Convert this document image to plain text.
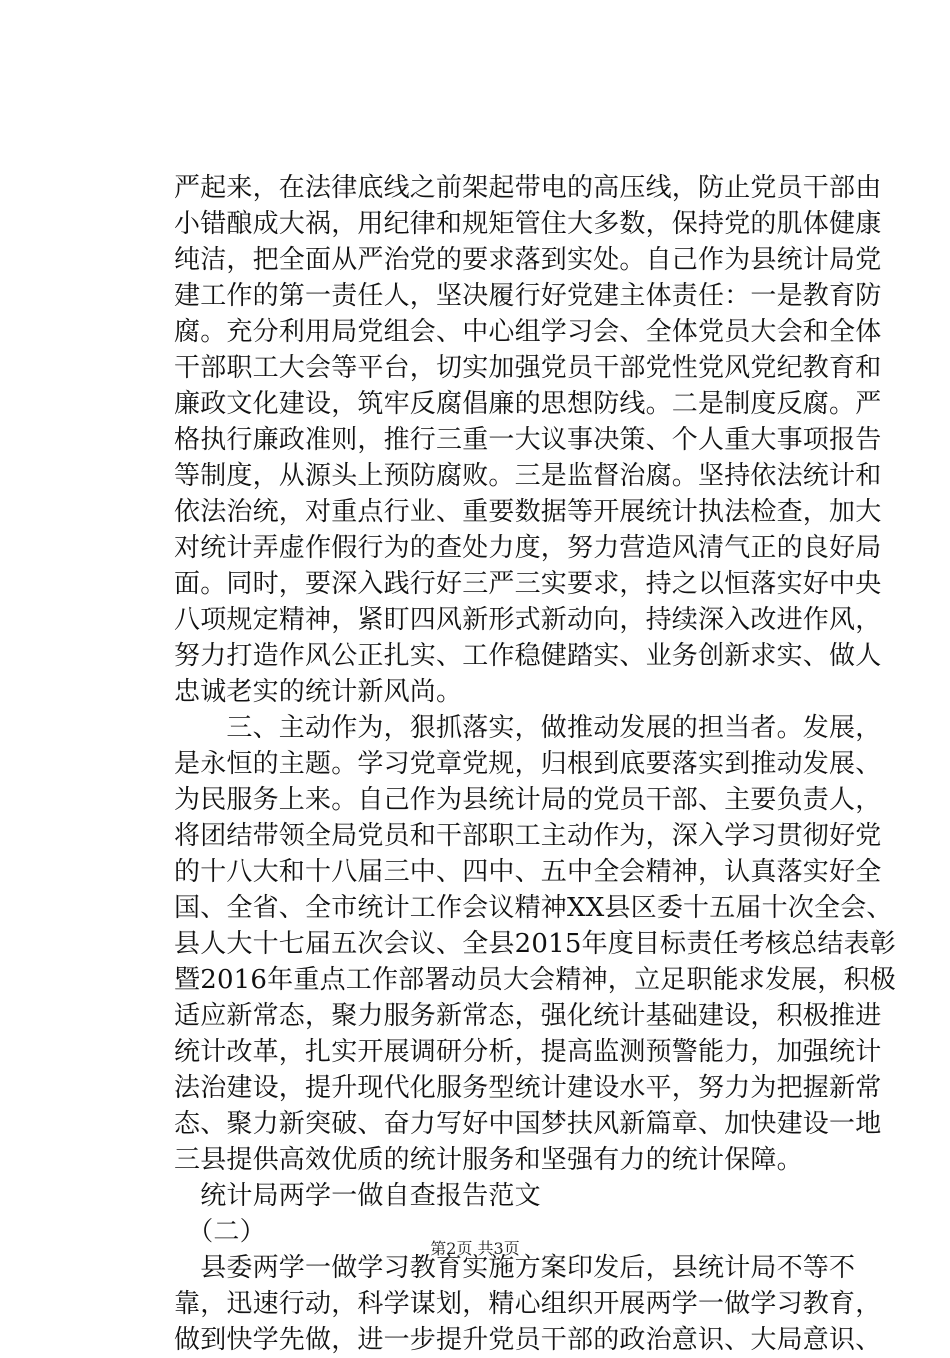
严起来，在法律底线之前架起带电的高压线，防止党员干部由
小错酿成大祸，用纪律和规矩管住大多数，保持党的肌体健康
纯洁，把全面从严治党的要求落到实处。自己作为县统计局党
建工作的第一责任人，坚决履行好党建主体责任：一是教育防
腐。充分利用局党组会、中心组学习会、全体党员大会和全体
干部职工大会等平台，切实加强党员干部党性党风党纪教育和
廉政文化建设，筑牢反腐倡廉的思想防线。二是制度反腐。严
格执行廉政准则，推行三重一大议事决策、个人重大事项报告
等制度，从源头上预防腐败。三是监督治腐。坚持依法统计和
依法治统，对重点行业、重要数据等开展统计执法检查，加大
对统计弄虚作假行为的查处力度，努力营造风清气正的良好局
面。同时，要深入践行好三严三实要求，持之以恒落实好中央
八项规定精神，紧盯四风新形式新动向，持续深入改进作风，
努力打造作风公正扎实、工作稳健踏实、业务创新求实、做人
忠诚老实的统计新风尚。
　　三、主动作为，狠抓落实，做推动发展的担当者。发展，
是永恒的主题。学习党章党规，归根到底要落实到推动发展、
为民服务上来。自己作为县统计局的党员干部、主要负责人，
将团结带领全局党员和干部职工主动作为，深入学习贯彻好党
的十八大和十八届三中、四中、五中全会精神，认真落实好全
国、全省、全市统计工作会议精神XX县区委十五届十次全会、
县人大十七届五次会议、全县2015年度目标责任考核总结表彰
暨2016年重点工作部署动员大会精神，立足职能求发展，积极
适应新常态，聚力服务新常态，强化统计基础建设，积极推进
统计改革，扎实开展调研分析，提高监测预警能力，加强统计
法治建设，提升现代化服务型统计建设水平，努力为把握新常
态、聚力新突破、奋力写好中国梦扶风新篇章、加快建设一地
三县提供高效优质的统计服务和坚强有力的统计保障。
　统计局两学一做自查报告范文
　（二）
　县委两学一做学习教育实施方案印发后，县统计局不等不
靠，迅速行动，科学谋划，精心组织开展两学一做学习教育，
做到快学先做，进一步提升党员干部的政治意识、大局意识、
第2页 共3页
